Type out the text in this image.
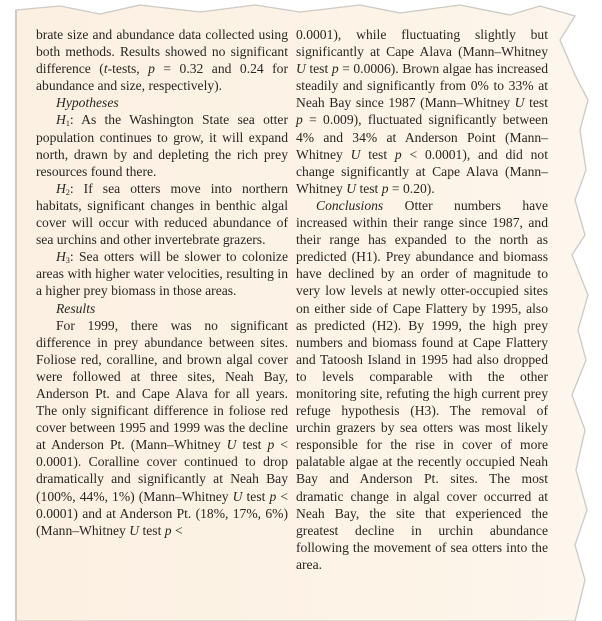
brate size and abundance data collected using both methods. Results showed no significant difference (t-tests, p = 0.32 and 0.24 for abundance and size, respectively).

Hypotheses

$H_1$: As the Washington State sea otter population continues to grow, it will expand north, drawn by and depleting the rich prey resources found there.

$H_2$: If sea otters move into northern habitats, significant changes in benthic algal cover will occur with reduced abundance of sea urchins and other invertebrate grazers.

$H_3$: Sea otters will be slower to colonize areas with higher water velocities, resulting in a higher prey biomass in those areas.

Results

For 1999, there was no significant difference in prey abundance between sites. Foliose red, coralline, and brown algal cover were followed at three sites, Neah Bay, Anderson Pt. and Cape Alava for all years. The only significant difference in foliose red cover between 1995 and 1999 was the decline at Anderson Pt. (Mann–Whitney U test p < 0.0001). Coralline cover continued to drop dramatically and significantly at Neah Bay (100%, 44%, 1%) (Mann–Whitney U test p < 0.0001) and at Anderson Pt. (18%, 17%, 6%) (Mann–Whitney U test p <

0.0001), while fluctuating slightly but significantly at Cape Alava (Mann–Whitney U test p = 0.0006). Brown algae has increased steadily and significantly from 0% to 33% at Neah Bay since 1987 (Mann–Whitney U test p = 0.009), fluctuated significantly between 4% and 34% at Anderson Point (Mann–Whitney U test p < 0.0001), and did not change significantly at Cape Alava (Mann–Whitney U test p = 0.20).

Conclusions Otter numbers have increased within their range since 1987, and their range has expanded to the north as predicted (H1). Prey abundance and biomass have declined by an order of magnitude to very low levels at newly otter-occupied sites on either side of Cape Flattery by 1995, also as predicted (H2). By 1999, the high prey numbers and biomass found at Cape Flattery and Tatoosh Island in 1995 had also dropped to levels comparable with the other monitoring site, refuting the high current prey refuge hypothesis (H3). The removal of urchin grazers by sea otters was most likely responsible for the rise in cover of more palatable algae at the recently occupied Neah Bay and Anderson Pt. sites. The most dramatic change in algal cover occurred at Neah Bay, the site that experienced the greatest decline in urchin abundance following the movement of sea otters into the area.
